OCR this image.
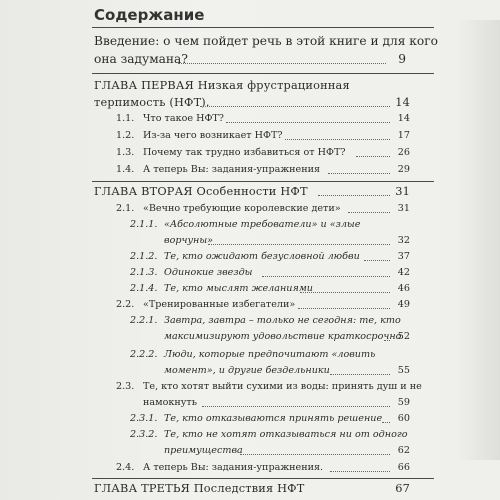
Содержание
Введение: о чем пойдет речь в этой книге и для кого
она задумана?	9
ГЛАВА ПЕРВАЯ Низкая фрустрационная
терпимость (НФТ).	14
1.1. Что такое НФТ?	14
1.2. Из-за чего возникает НФТ?	17
1.3. Почему так трудно избавиться от НФТ?	26
1.4. А теперь Вы: задания-упражнения	29
ГЛАВА ВТОРАЯ Особенности НФТ	31
2.1. «Вечно требующие королевские дети»	31
2.1.1. «Абсолютные требователи» и «злые
ворчуны»	32
2.1.2. Те, кто ожидают безусловной любви	37
2.1.3. Одинокие звезды	42
2.1.4. Те, кто мыслят желаниями	46
2.2. «Тренированные избегатели»	49
2.2.1. Завтра, завтра – только не сегодня: те, кто
максимизируют удовольствие краткосрочно
52
2.2.2. Люди, которые предпочитают «ловить
момент», и другие бездельники	55
2.3. Те, кто хотят выйти сухими из воды: принять душ и не
намокнуть	59
2.3.1. Те, кто отказываются принять решение	60
2.3.2. Те, кто не хотят отказываться ни от одного
преимущества	62
2.4. А теперь Вы: задания-упражнения.	66
ГЛАВА ТРЕТЬЯ Последствия НФТ	67
